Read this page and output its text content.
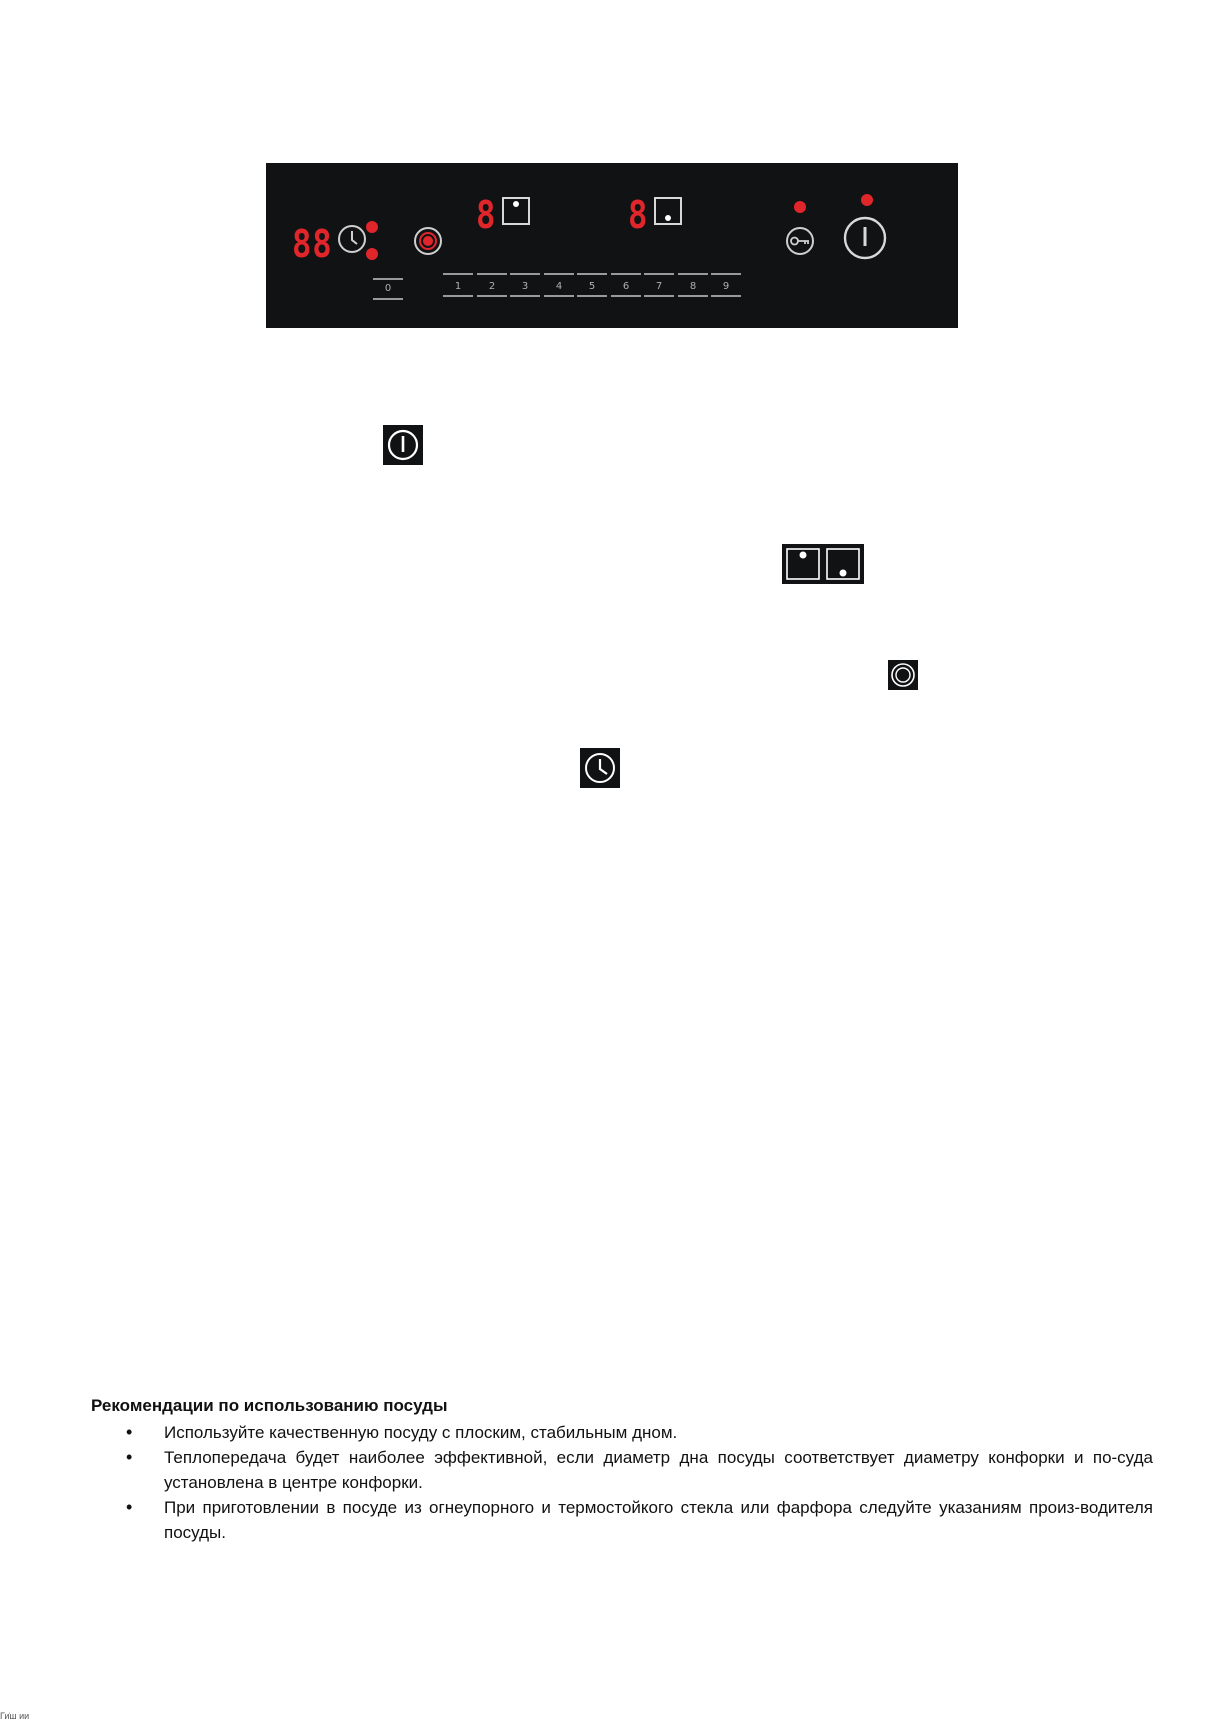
88
8	8
0	1	2	3	4	5	6	7	8	9
Рекомендации по использованию посуды
• Используйте качественную посуду с плоским, стабильным дном.
• Теплопередача будет наиболее эффективной, если диаметр дна посуды соответствует диаметру конфорки и по-суда установлена в центре конфорки.
• При приготовлении в посуде из огнеупорного и термостойкого стекла или фарфора следуйте указаниям произ-водителя посуды.
Ги̇ш ии
